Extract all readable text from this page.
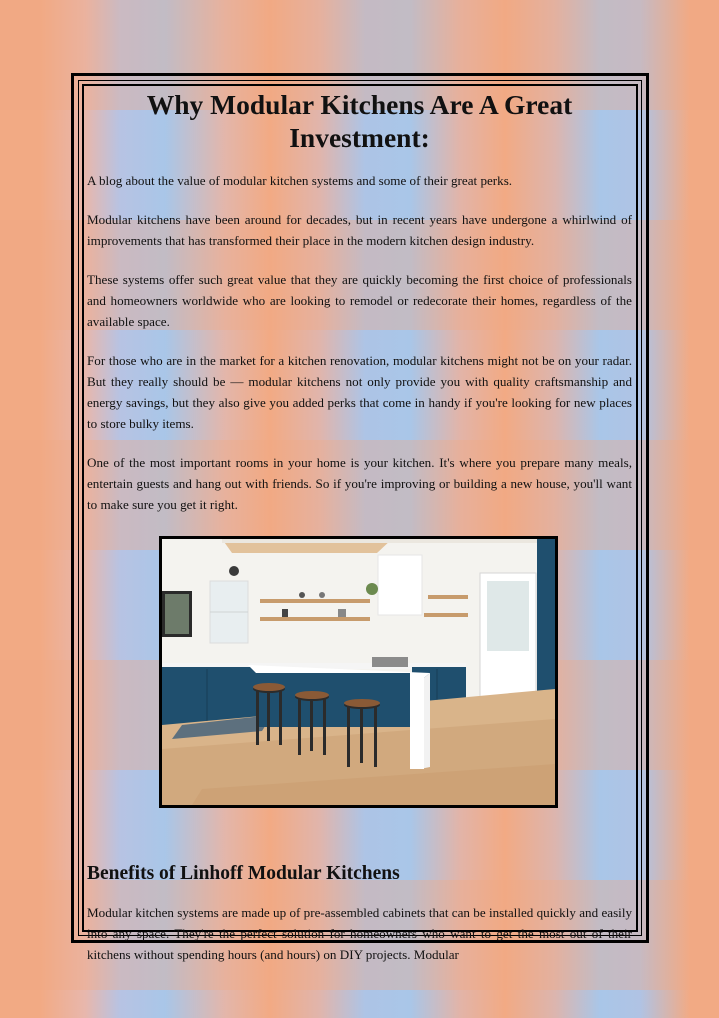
Why Modular Kitchens Are A Great Investment:

A blog about the value of modular kitchen systems and some of their great perks.

Modular kitchens have been around for decades, but in recent years have undergone a whirlwind of improvements that has transformed their place in the modern kitchen design industry.

These systems offer such great value that they are quickly becoming the first choice of professionals and homeowners worldwide who are looking to remodel or redecorate their homes, regardless of the available space.

For those who are in the market for a kitchen renovation, modular kitchens might not be on your radar. But they really should be — modular kitchens not only provide you with quality craftsmanship and energy savings, but they also give you added perks that come in handy if you're looking for new places to store bulky items.

One of the most important rooms in your home is your kitchen. It's where you prepare many meals, entertain guests and hang out with friends. So if you're improving or building a new house, you'll want to make sure you get it right.

Benefits of Linhoff Modular Kitchens

Modular kitchen systems are made up of pre-assembled cabinets that can be installed quickly and easily into any space. They're the perfect solution for homeowners who want to get the most out of their kitchens without spending hours (and hours) on DIY projects. Modular
